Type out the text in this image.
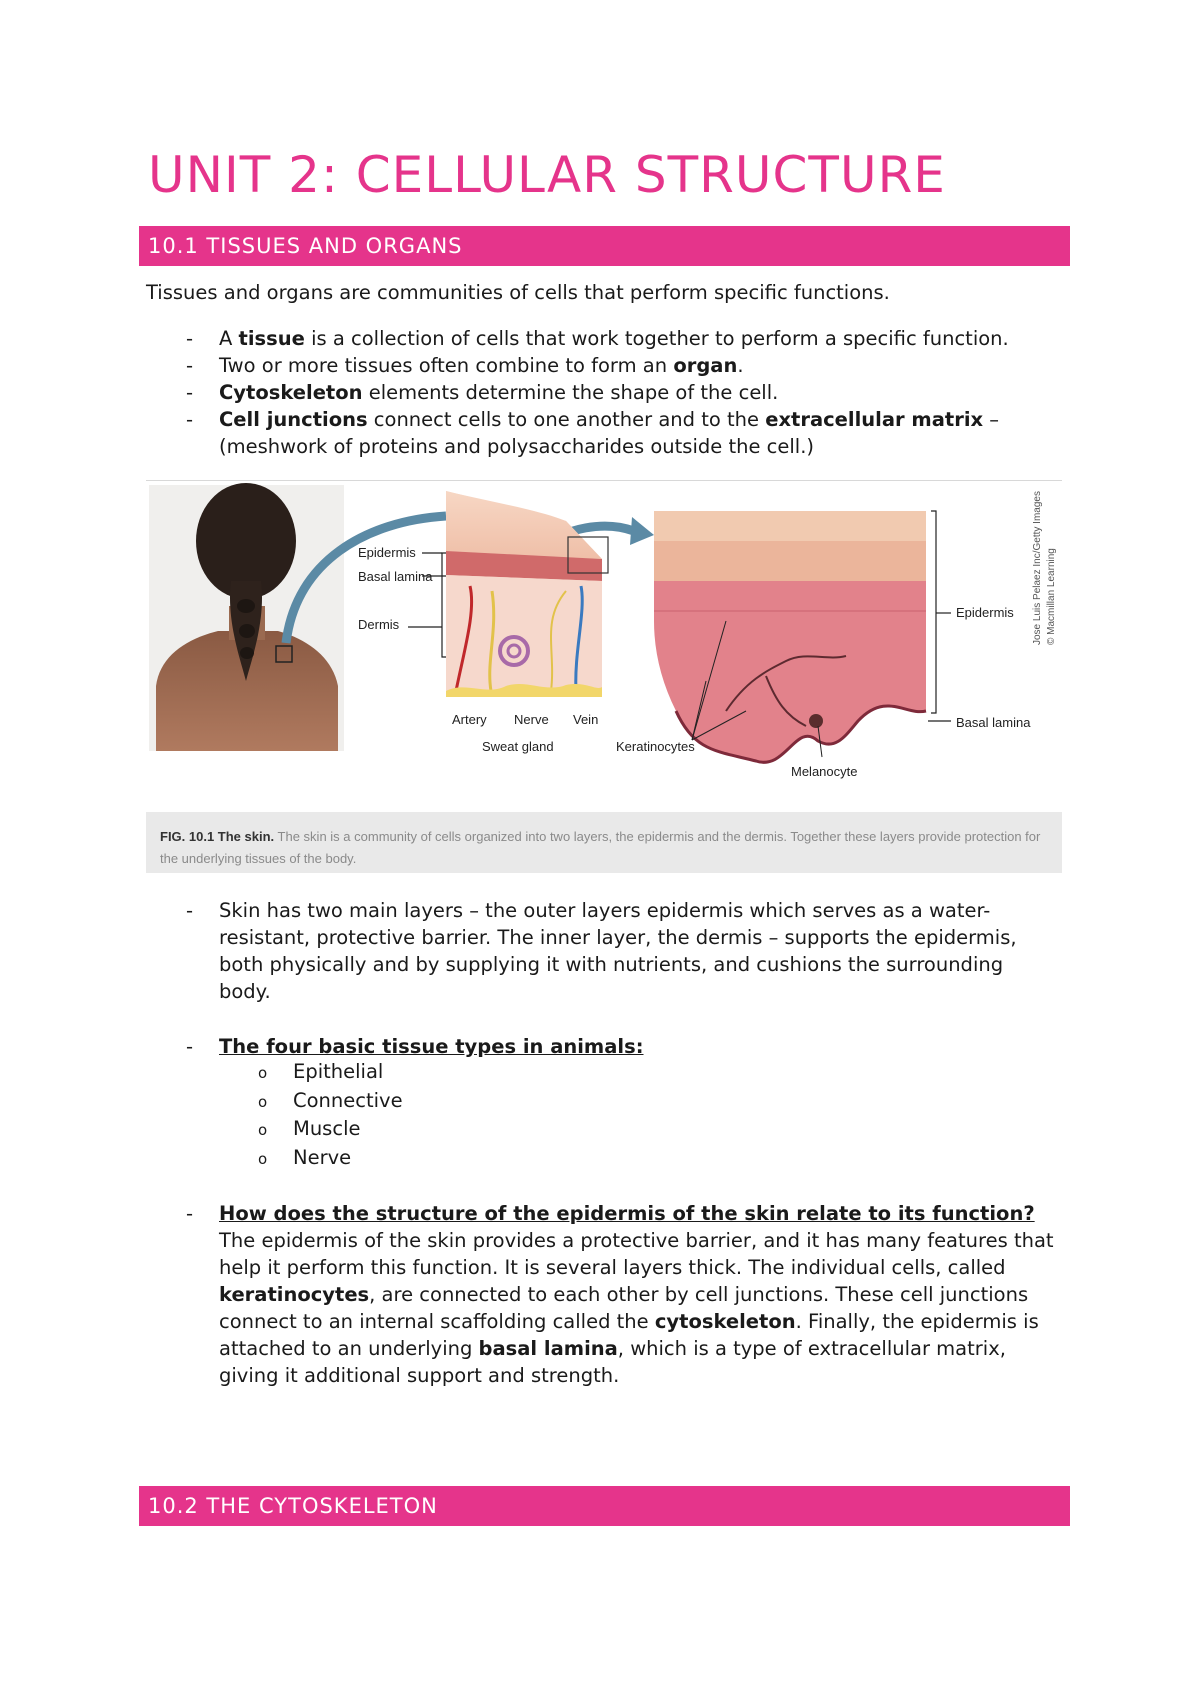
UNIT 2: CELLULAR STRUCTURE
10.1 TISSUES AND ORGANS

Tissues and organs are communities of cells that perform specific functions.

- A tissue is a collection of cells that work together to perform a specific function.
- Two or more tissues often combine to form an organ.
- Cytoskeleton elements determine the shape of the cell.
- Cell junctions connect cells to one another and to the extracellular matrix – (meshwork of proteins and polysaccharides outside the cell.)
Epidermis
Basal lamina
Dermis
Artery Nerve Vein
Sweat gland	Keratinocytes
Melanocyte
Epidermis
Basal lamina
Jose Luis Pelaez Inc/Getty Images © Macmillan Learning
FIG. 10.1 The skin. The skin is a community of cells organized into two layers, the epidermis and the dermis. Together these layers provide protection for the underlying tissues of the body.
- Skin has two main layers – the outer layers epidermis which serves as a water-resistant, protective barrier. The inner layer, the dermis – supports the epidermis, both physically and by supplying it with nutrients, and cushions the surrounding body.
- The four basic tissue types in animals:
o Epithelial
o Connective
o Muscle
o Nerve
- How does the structure of the epidermis of the skin relate to its function?
The epidermis of the skin provides a protective barrier, and it has many features that help it perform this function. It is several layers thick. The individual cells, called keratinocytes, are connected to each other by cell junctions. These cell junctions connect to an internal scaffolding called the cytoskeleton. Finally, the epidermis is attached to an underlying basal lamina, which is a type of extracellular matrix, giving it additional support and strength.
10.2 THE CYTOSKELETON
